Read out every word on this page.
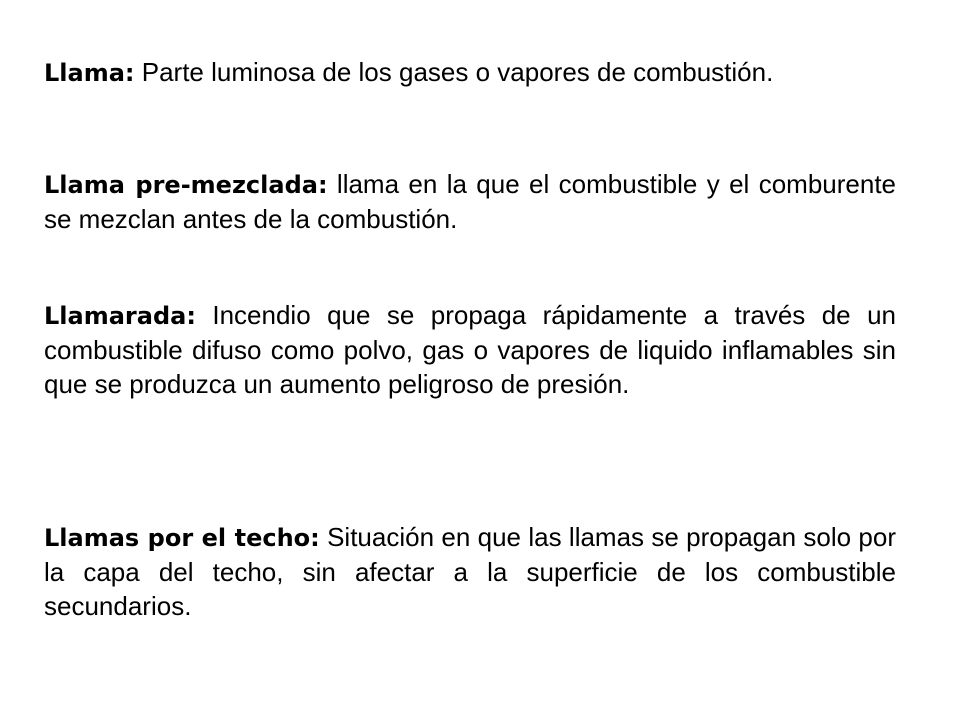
Llama: Parte luminosa de los gases o vapores de combustión.

Llama pre-mezclada: llama en la que el combustible y el comburente se mezclan antes de la combustión.

Llamarada: Incendio que se propaga rápidamente a través de un combustible difuso como polvo, gas o vapores de liquido inflamables sin que se produzca un aumento peligroso de presión.

Llamas por el techo: Situación en que las llamas se propagan solo por la capa del techo, sin afectar a la superficie de los combustible secundarios.
